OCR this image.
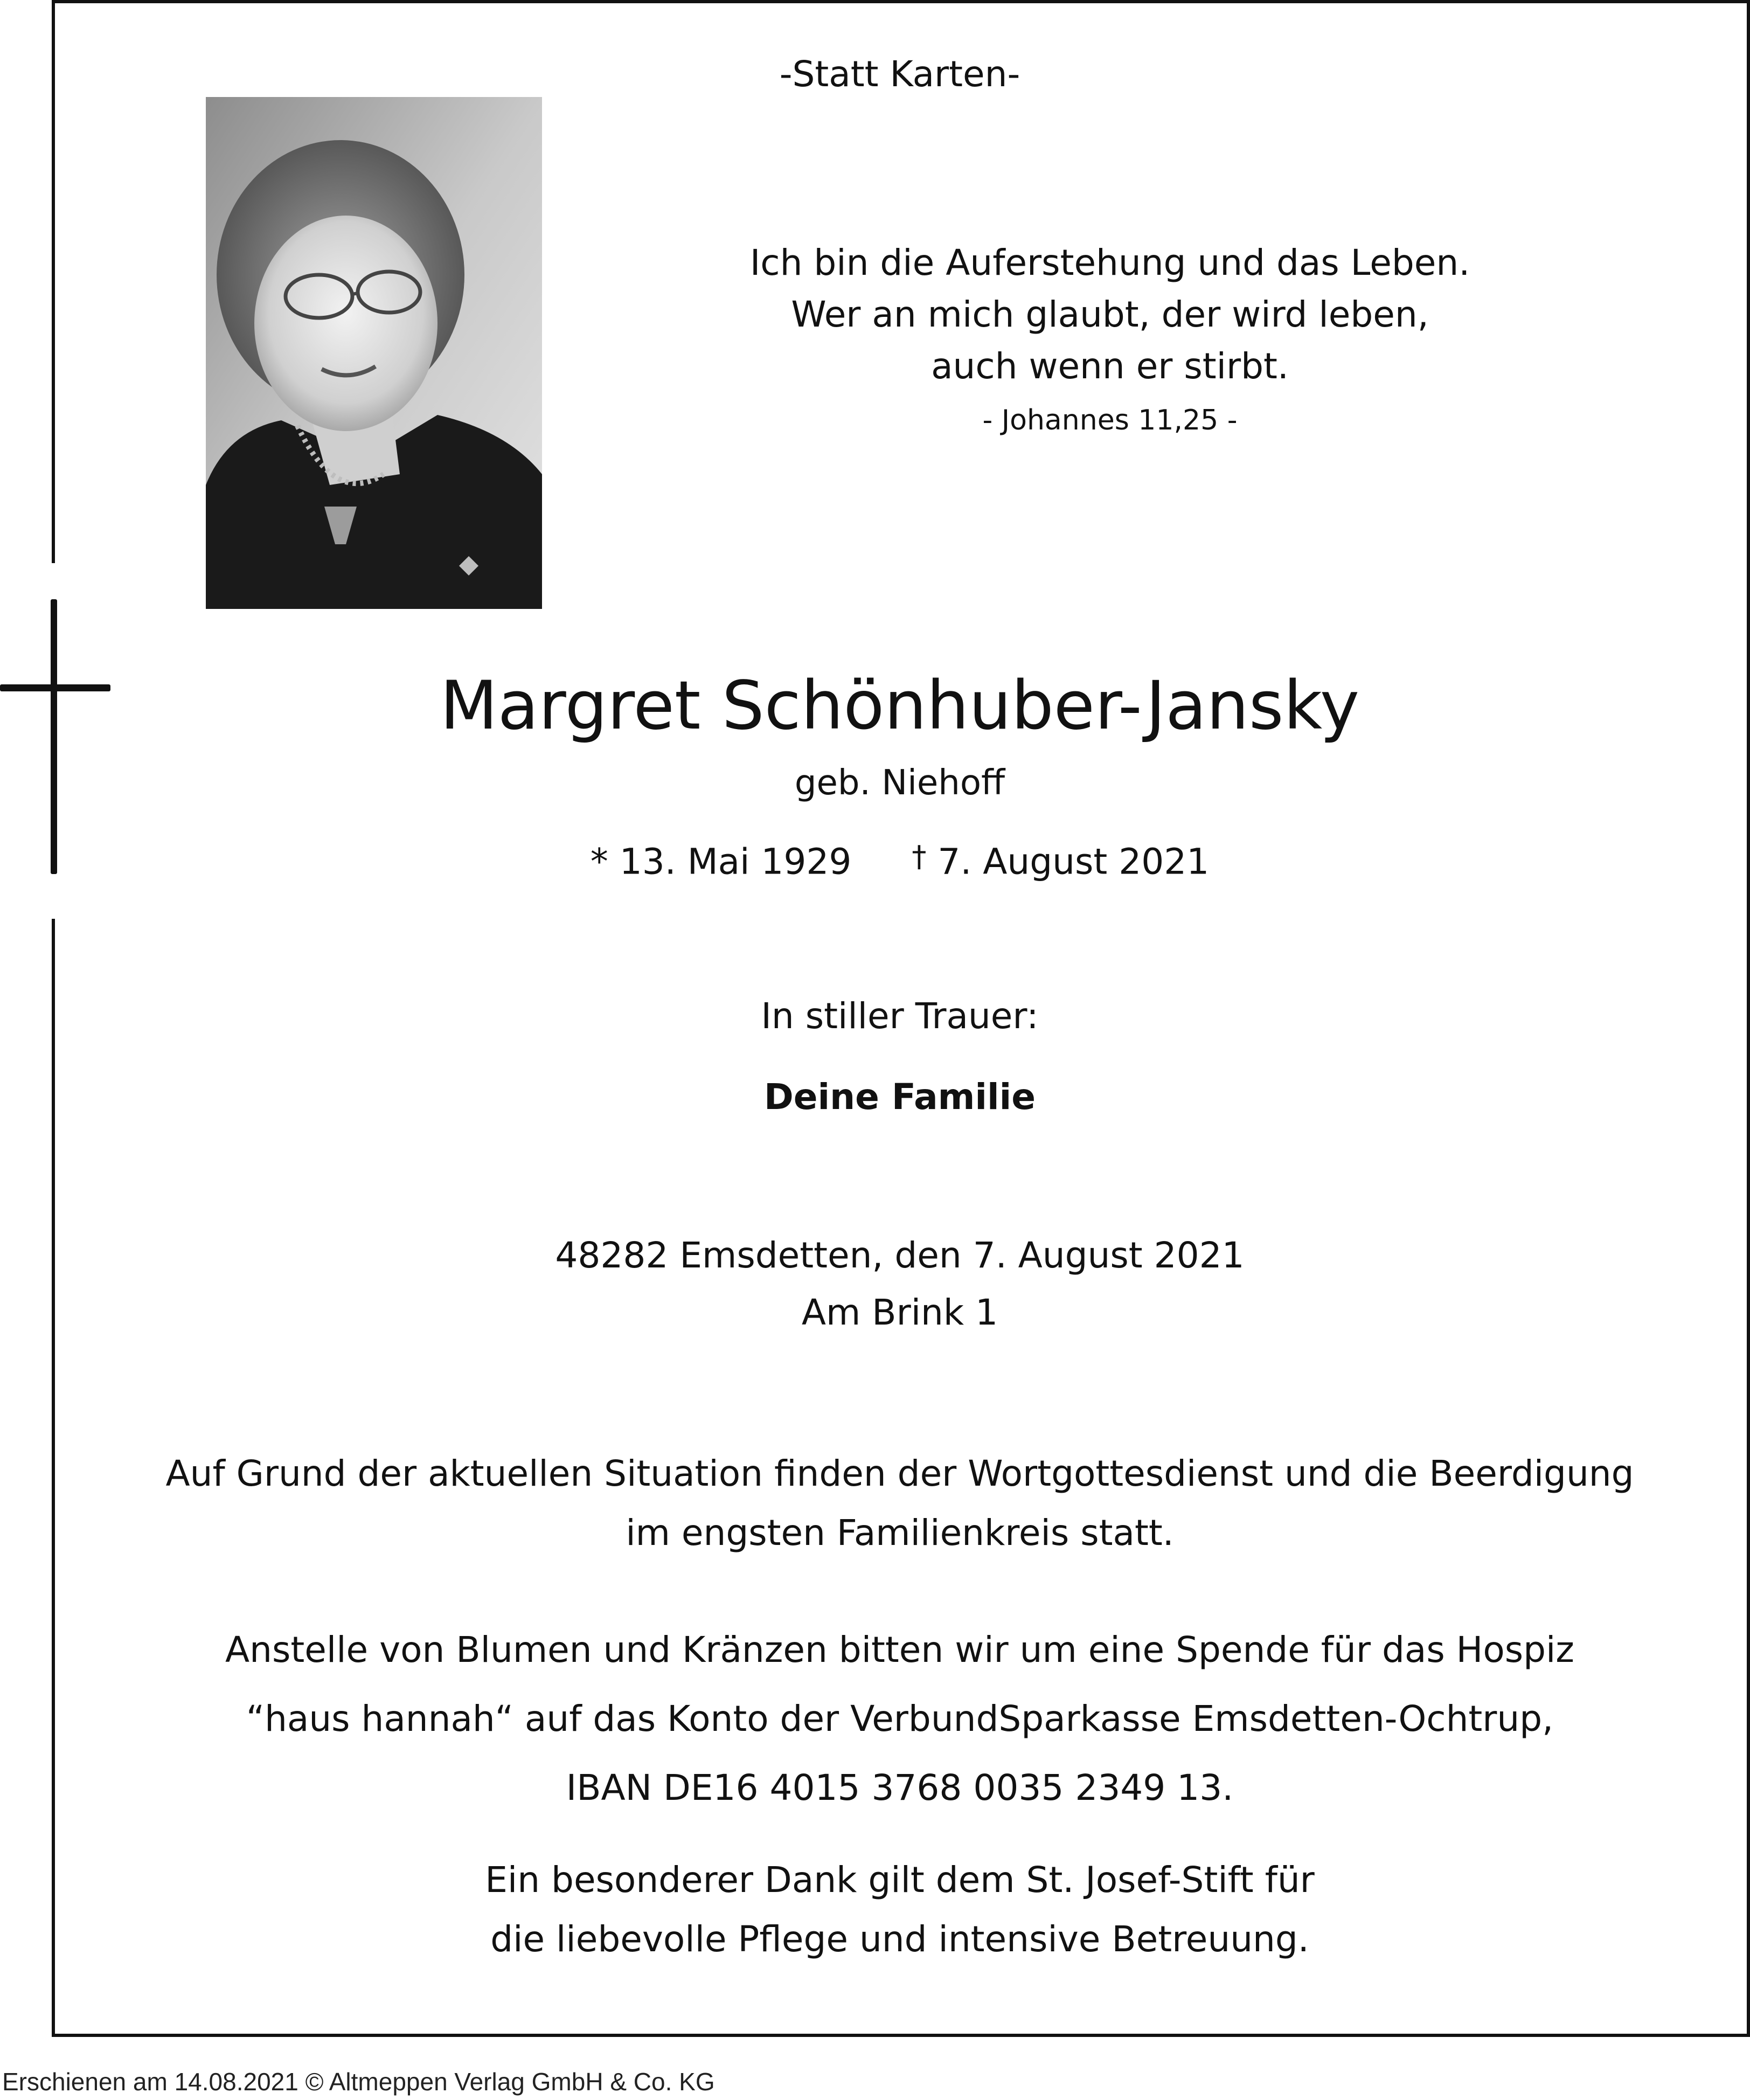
-Statt Karten-
Ich bin die Auferstehung und das Leben.
Wer an mich glaubt, der wird leben,
auch wenn er stirbt.
- Johannes 11,25 -
Margret Schönhuber-Jansky
geb. Niehoff
* 13. Mai 1929 † 7. August 2021
In stiller Trauer:
Deine Familie
48282 Emsdetten, den 7. August 2021
Am Brink 1
Auf Grund der aktuellen Situation finden der Wortgottesdienst und die Beerdigung
im engsten Familienkreis statt.
Anstelle von Blumen und Kränzen bitten wir um eine Spende für das Hospiz
“haus hannah“ auf das Konto der VerbundSparkasse Emsdetten-Ochtrup,
IBAN DE16 4015 3768 0035 2349 13.
Ein besonderer Dank gilt dem St. Josef-Stift für
die liebevolle Pflege und intensive Betreuung.
Erschienen am 14.08.2021 © Altmeppen Verlag GmbH & Co. KG
